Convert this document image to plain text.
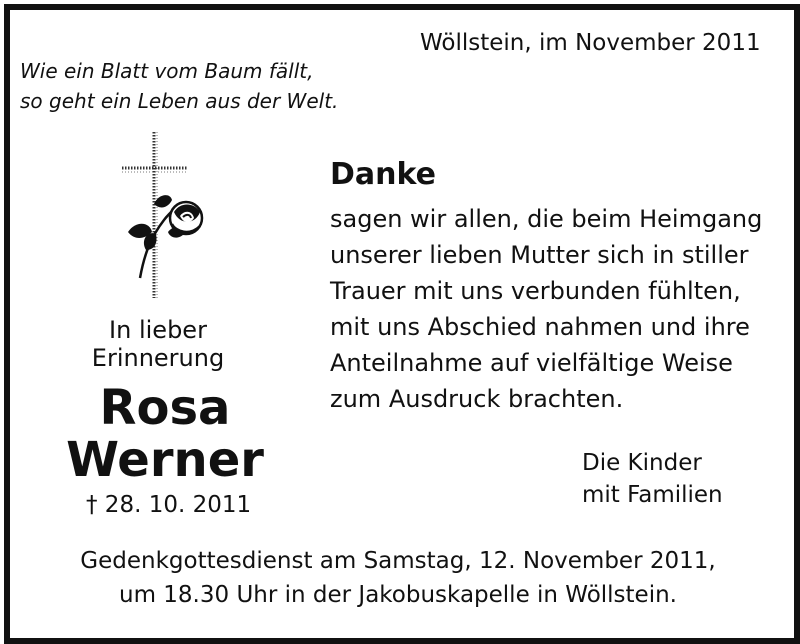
Wöllstein, im November 2011
Wie ein Blatt vom Baum fällt,
so geht ein Leben aus der Welt.
In lieber
Erinnerung
Rosa
Werner
† 28. 10. 2011
Danke
sagen wir allen, die beim Heimgang
unserer lieben Mutter sich in stiller
Trauer mit uns verbunden fühlten,
mit uns Abschied nahmen und ihre
Anteilnahme auf vielfältige Weise
zum Ausdruck brachten.
Die Kinder
mit Familien
Gedenkgottesdienst am Samstag, 12. November 2011,
um 18.30 Uhr in der Jakobuskapelle in Wöllstein.
